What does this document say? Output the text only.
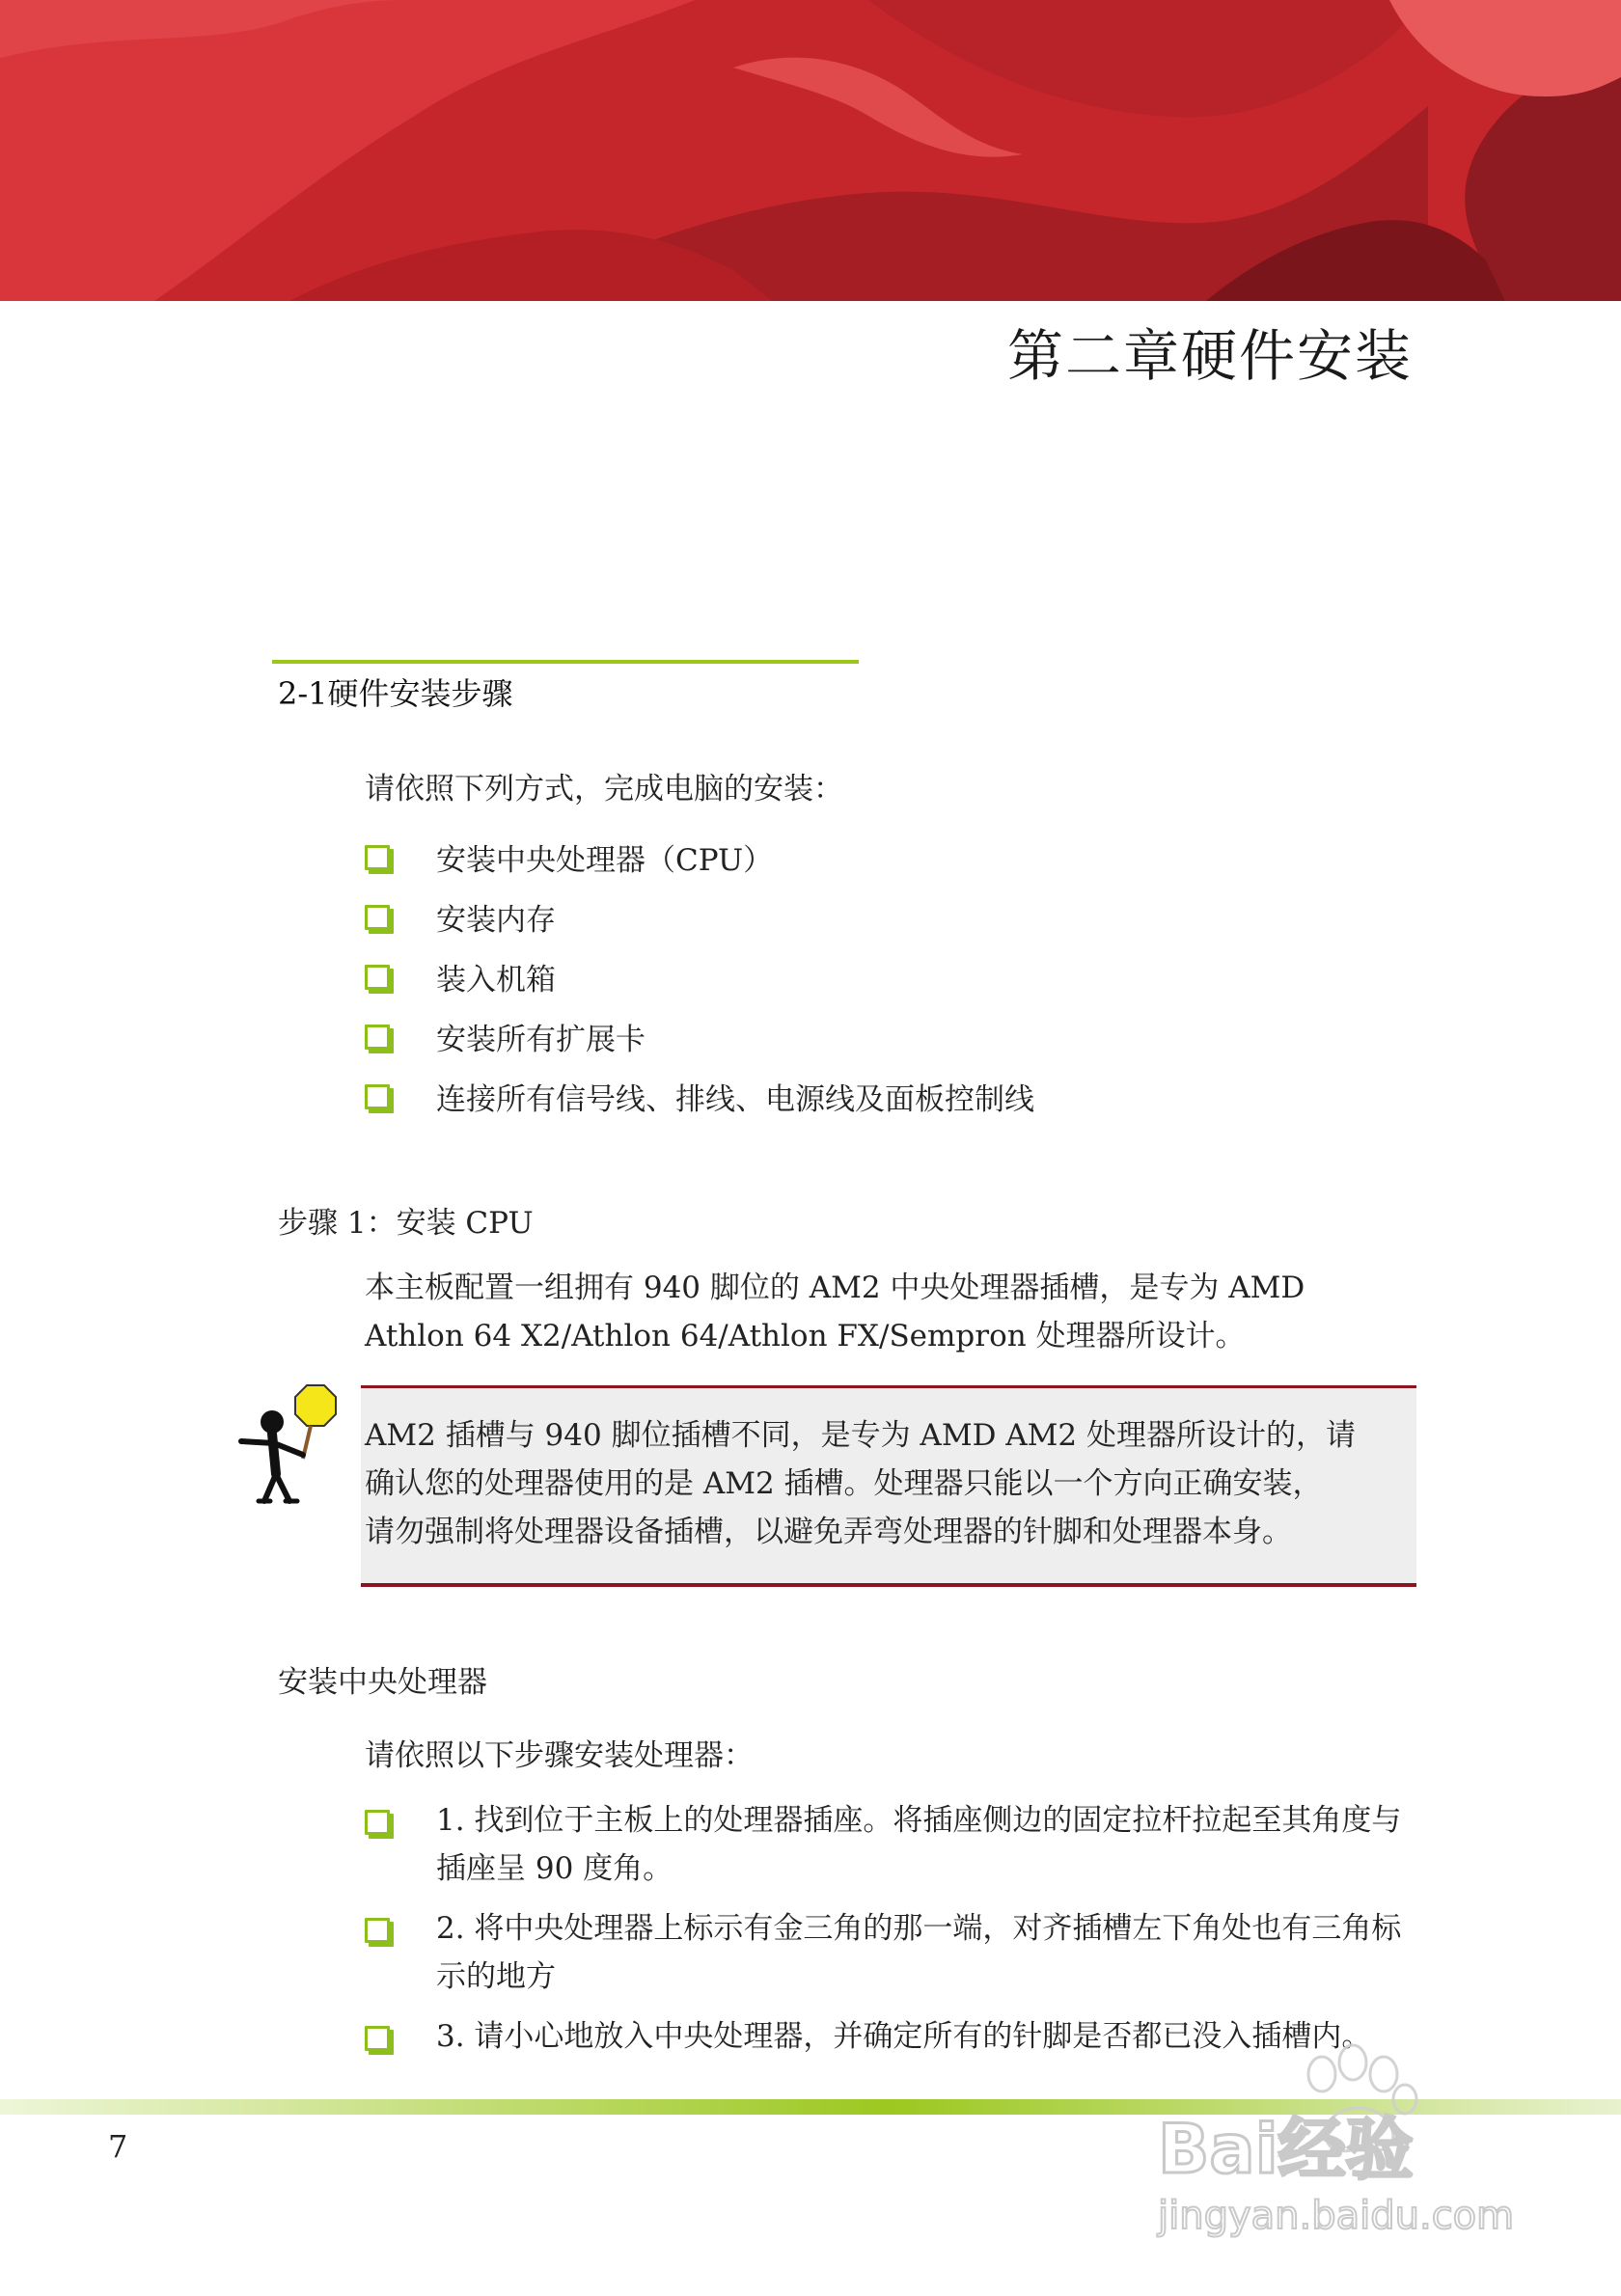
第二章硬件安装
2-1硬件安装步骤
请依照下列方式，完成电脑的安装：
安装中央处理器（CPU）
安装内存
装入机箱
安装所有扩展卡
连接所有信号线、排线、电源线及面板控制线
步骤 1：安装 CPU
本主板配置一组拥有 940 脚位的 AM2 中央处理器插槽，是专为 AMD
Athlon 64 X2/Athlon 64/Athlon FX/Sempron 处理器所设计。
AM2 插槽与 940 脚位插槽不同，是专为 AMD AM2 处理器所设计的，请
确认您的处理器使用的是 AM2 插槽。处理器只能以一个方向正确安装，
请勿强制将处理器设备插槽，以避免弄弯处理器的针脚和处理器本身。
安装中央处理器
请依照以下步骤安装处理器：
1. 找到位于主板上的处理器插座。将插座侧边的固定拉杆拉起至其角度与插座呈 90 度角。
2. 将中央处理器上标示有金三角的那一端，对齐插槽左下角处也有三角标示的地方
3. 请小心地放入中央处理器，并确定所有的针脚是否都已没入插槽内。
7	Bai经验
jingyan.baidu.com
